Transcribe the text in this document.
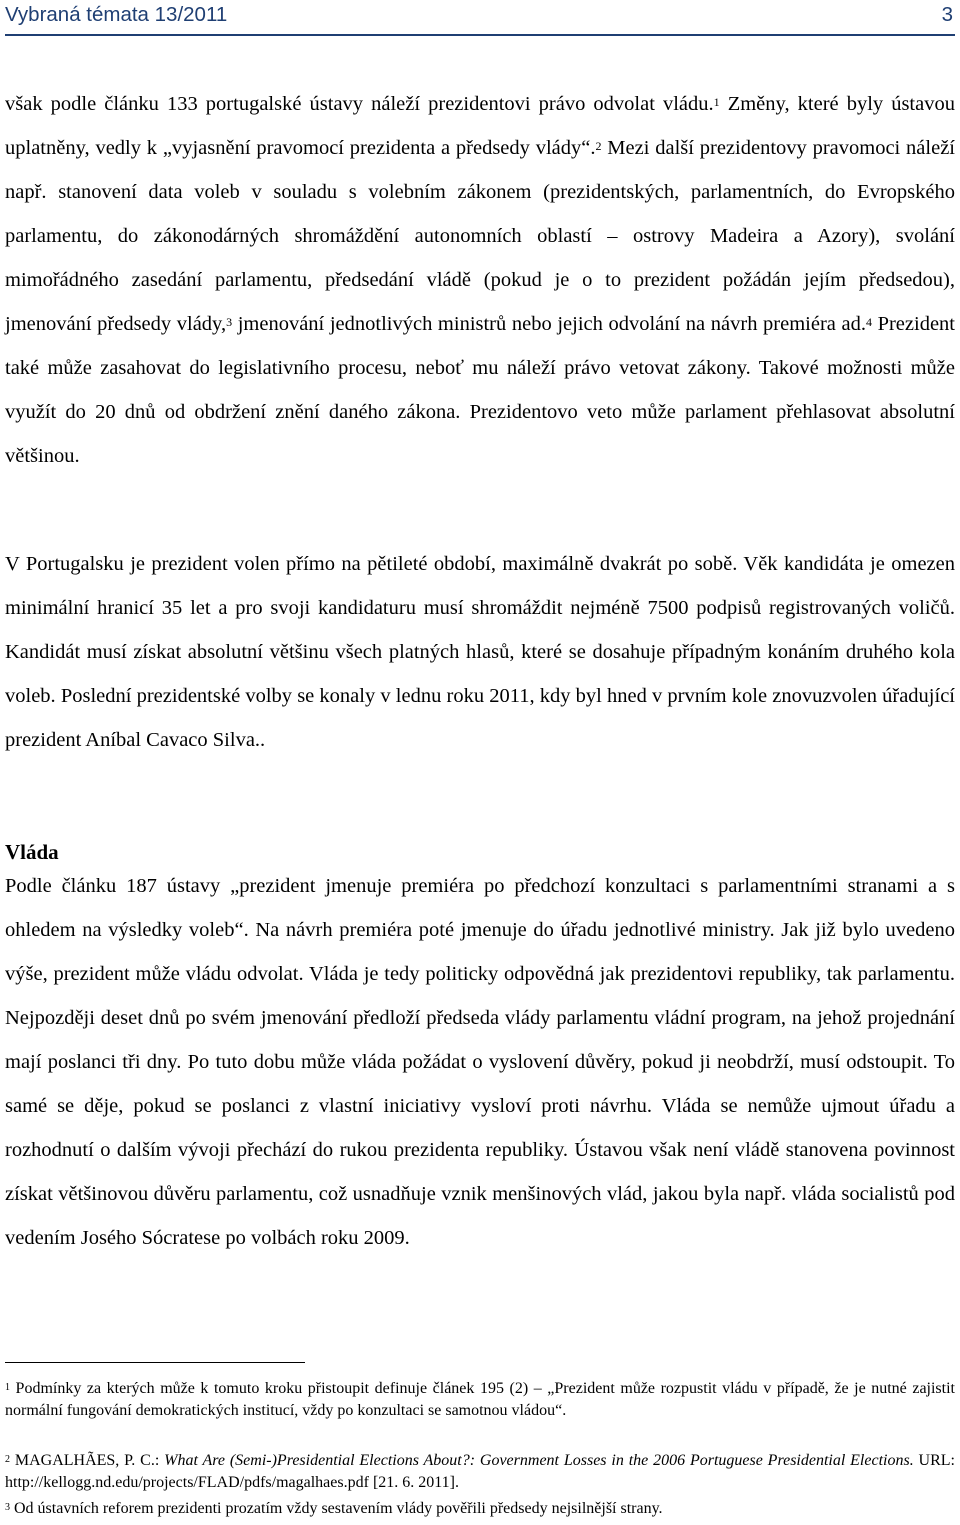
Vybraná témata 13/2011	3

však podle článku 133 portugalské ústavy náleží prezidentovi právo odvolat vládu.$^1$ Změny, které byly ústavou uplatněny, vedly k „vyjasnění pravomocí prezidenta a předsedy vlády“.$^2$ Mezi další prezidentovy pravomoci náleží např. stanovení data voleb v souladu s volebním zákonem (prezidentských, parlamentních, do Evropského parlamentu, do zákonodárných shromáždění autonomních oblastí – ostrovy Madeira a Azory), svolání mimořádného zasedání parlamentu, předsedání vládě (pokud je o to prezident požádán jejím předsedou), jmenování předsedy vlády,$^3$ jmenování jednotlivých ministrů nebo jejich odvolání na návrh premiéra ad.$^4$ Prezident také může zasahovat do legislativního procesu, neboť mu náleží právo vetovat zákony. Takové možnosti může využít do 20 dnů od obdržení znění daného zákona. Prezidentovo veto může parlament přehlasovat absolutní většinou.

V Portugalsku je prezident volen přímo na pětileté období, maximálně dvakrát po sobě. Věk kandidáta je omezen minimální hranicí 35 let a pro svoji kandidaturu musí shromáždit nejméně 7500 podpisů registrovaných voličů. Kandidát musí získat absolutní většinu všech platných hlasů, které se dosahuje případným konáním druhého kola voleb. Poslední prezidentské volby se konaly v lednu roku 2011, kdy byl hned v prvním kole znovuzvolen úřadující prezident Aníbal Cavaco Silva..

Vláda

Podle článku 187 ústavy „prezident jmenuje premiéra po předchozí konzultaci s parlamentními stranami a s ohledem na výsledky voleb“. Na návrh premiéra poté jmenuje do úřadu jednotlivé ministry. Jak již bylo uvedeno výše, prezident může vládu odvolat. Vláda je tedy politicky odpovědná jak prezidentovi republiky, tak parlamentu. Nejpozději deset dnů po svém jmenování předloží předseda vlády parlamentu vládní program, na jehož projednání mají poslanci tři dny. Po tuto dobu může vláda požádat o vyslovení důvěry, pokud ji neobdrží, musí odstoupit. To samé se děje, pokud se poslanci z vlastní iniciativy vysloví proti návrhu. Vláda se nemůže ujmout úřadu a rozhodnutí o dalším vývoji přechází do rukou prezidenta republiky. Ústavou však není vládě stanovena povinnost získat většinovou důvěru parlamentu, což usnadňuje vznik menšinových vlád, jakou byla např. vláda socialistů pod vedením Joséhо Sócratese po volbách roku 2009.

$^1$ Podmínky za kterých může k tomuto kroku přistoupit definuje článek 195 (2) – „Prezident může rozpustit vládu v případě, že je nutné zajistit normální fungování demokratických institucí, vždy po konzultaci se samotnou vládou“.

$^2$ MAGALHÃES, P. C.: What Are (Semi-)Presidential Elections About?: Government Losses in the 2006 Portuguese Presidential Elections. URL: http://kellogg.nd.edu/projects/FLAD/pdfs/magalhaes.pdf [21. 6. 2011].

$^3$ Od ústavních reforem prezidenti prozatím vždy sestavením vlády pověřili předsedy nejsilnější strany.
